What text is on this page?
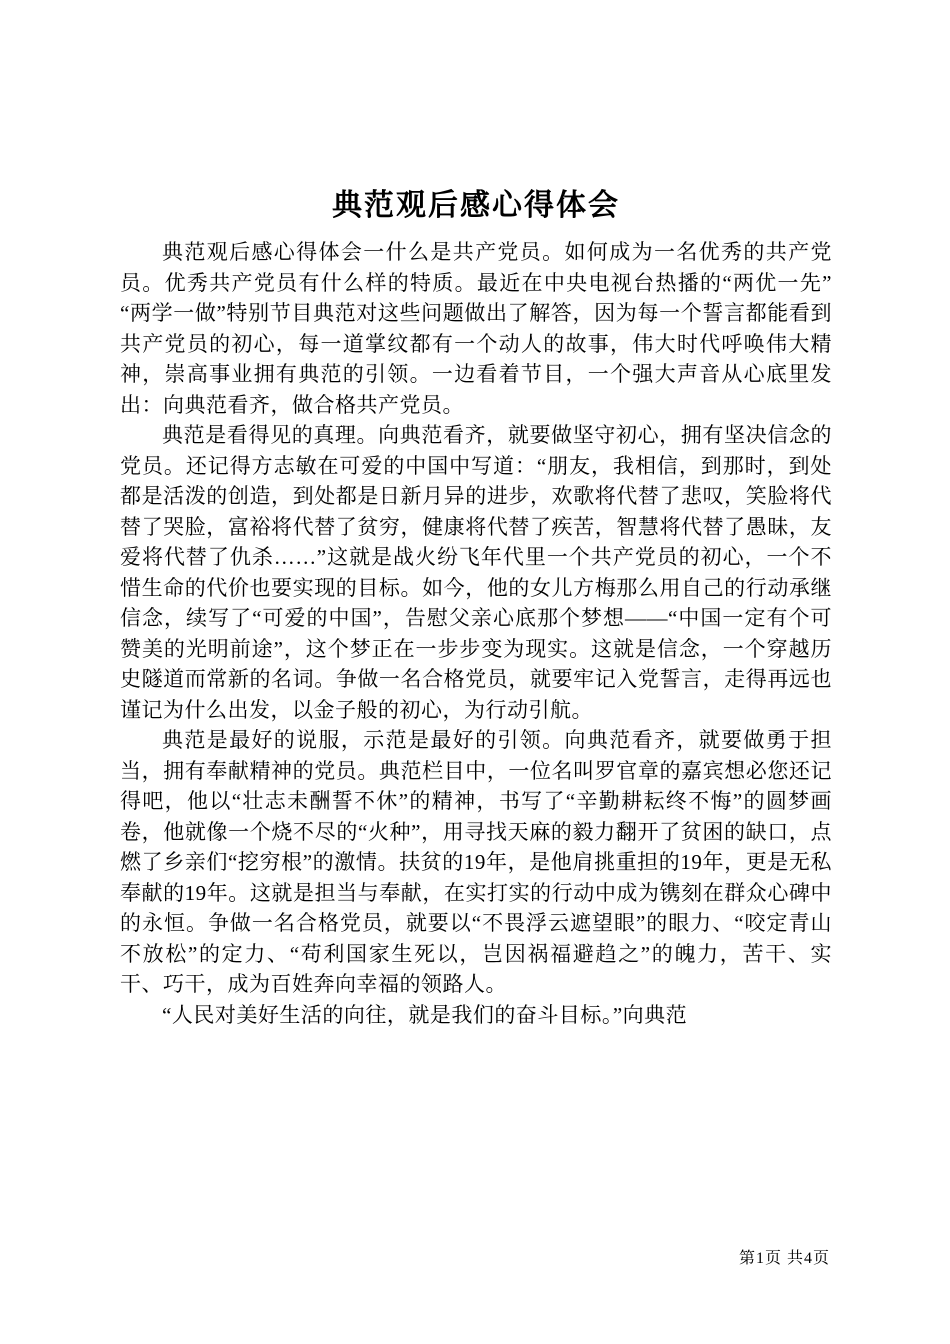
典范观后感心得体会

典范观后感心得体会一什么是共产党员。如何成为一名优秀的共产党员。优秀共产党员有什么样的特质。最近在中央电视台热播的“两优一先”“两学一做”特别节目典范对这些问题做出了解答，因为每一个誓言都能看到共产党员的初心，每一道掌纹都有一个动人的故事，伟大时代呼唤伟大精神，崇高事业拥有典范的引领。一边看着节目，一个强大声音从心底里发出：向典范看齐，做合格共产党员。

典范是看得见的真理。向典范看齐，就要做坚守初心，拥有坚决信念的党员。还记得方志敏在可爱的中国中写道：“朋友，我相信，到那时，到处都是活泼的创造，到处都是日新月异的进步，欢歌将代替了悲叹，笑脸将代替了哭脸，富裕将代替了贫穷，健康将代替了疾苦，智慧将代替了愚昧，友爱将代替了仇杀……”这就是战火纷飞年代里一个共产党员的初心，一个不惜生命的代价也要实现的目标。如今，他的女儿方梅那么用自己的行动承继信念，续写了“可爱的中国”，告慰父亲心底那个梦想——“中国一定有个可赞美的光明前途”，这个梦正在一步步变为现实。这就是信念，一个穿越历史隧道而常新的名词。争做一名合格党员，就要牢记入党誓言，走得再远也谨记为什么出发，以金子般的初心，为行动引航。

典范是最好的说服，示范是最好的引领。向典范看齐，就要做勇于担当，拥有奉献精神的党员。典范栏目中，一位名叫罗官章的嘉宾想必您还记得吧，他以“壮志未酬誓不休”的精神，书写了“辛勤耕耘终不悔”的圆梦画卷，他就像一个烧不尽的“火种”，用寻找天麻的毅力翻开了贫困的缺口，点燃了乡亲们“挖穷根”的激情。扶贫的19年，是他肩挑重担的19年，更是无私奉献的19年。这就是担当与奉献，在实打实的行动中成为镌刻在群众心碑中的永恒。争做一名合格党员，就要以“不畏浮云遮望眼”的眼力、“咬定青山不放松”的定力、“苟利国家生死以，岂因祸福避趋之”的魄力，苦干、实干、巧干，成为百姓奔向幸福的领路人。

“人民对美好生活的向往，就是我们的奋斗目标。”向典范

第1页 共4页
